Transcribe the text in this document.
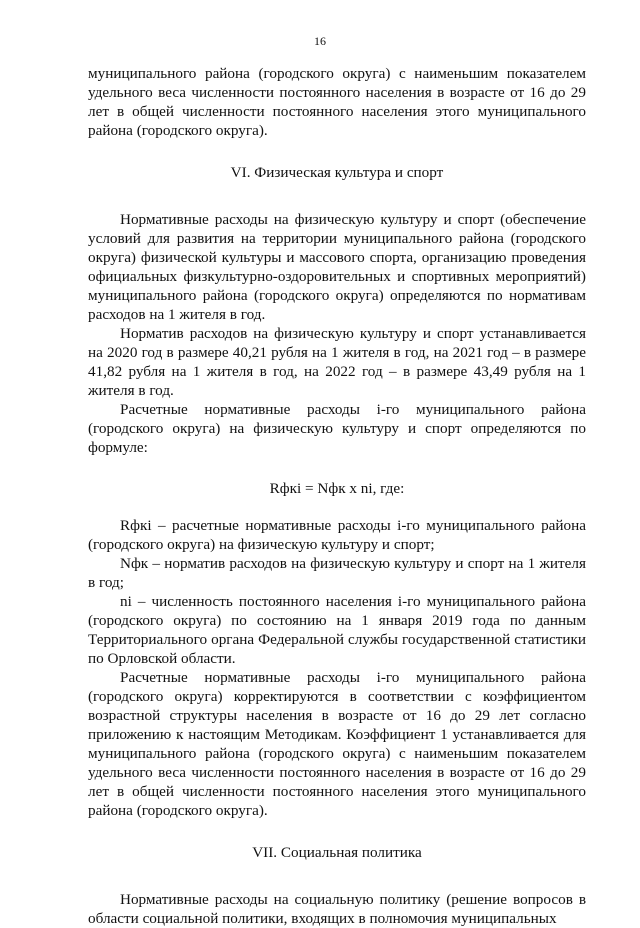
16

муниципального района (городского округа) с наименьшим показателем удельного веса численности постоянного населения в возрасте от 16 до 29 лет в общей численности постоянного населения этого муниципального района (городского округа).

VI. Физическая культура и спорт

Нормативные расходы на физическую культуру и спорт (обеспечение условий для развития на территории муниципального района (городского округа) физической культуры и массового спорта, организацию проведения официальных физкультурно-оздоровительных и спортивных мероприятий) муниципального района (городского округа) определяются по нормативам расходов на 1 жителя в год.

Норматив расходов на физическую культуру и спорт устанавливается на 2020 год в размере 40,21 рубля на 1 жителя в год, на 2021 год – в размере 41,82 рубля на 1 жителя в год, на 2022 год – в размере 43,49 рубля на 1 жителя в год.

Расчетные нормативные расходы i-го муниципального района (городского округа) на физическую культуру и спорт определяются по формуле:

Rфкi = Nфк x ni, где:

Rфкi – расчетные нормативные расходы i-го муниципального района (городского округа) на физическую культуру и спорт;

Nфк – норматив расходов на физическую культуру и спорт на 1 жителя в год;

ni – численность постоянного населения i-го муниципального района (городского округа) по состоянию на 1 января 2019 года по данным Территориального органа Федеральной службы государственной статистики по Орловской области.

Расчетные нормативные расходы i-го муниципального района (городского округа) корректируются в соответствии с коэффициентом возрастной структуры населения в возрасте от 16 до 29 лет согласно приложению к настоящим Методикам. Коэффициент 1 устанавливается для муниципального района (городского округа) с наименьшим показателем удельного веса численности постоянного населения в возрасте от 16 до 29 лет в общей численности постоянного населения этого муниципального района (городского округа).

VII. Социальная политика

Нормативные расходы на социальную политику (решение вопросов в области социальной политики, входящих в полномочия муниципальных
